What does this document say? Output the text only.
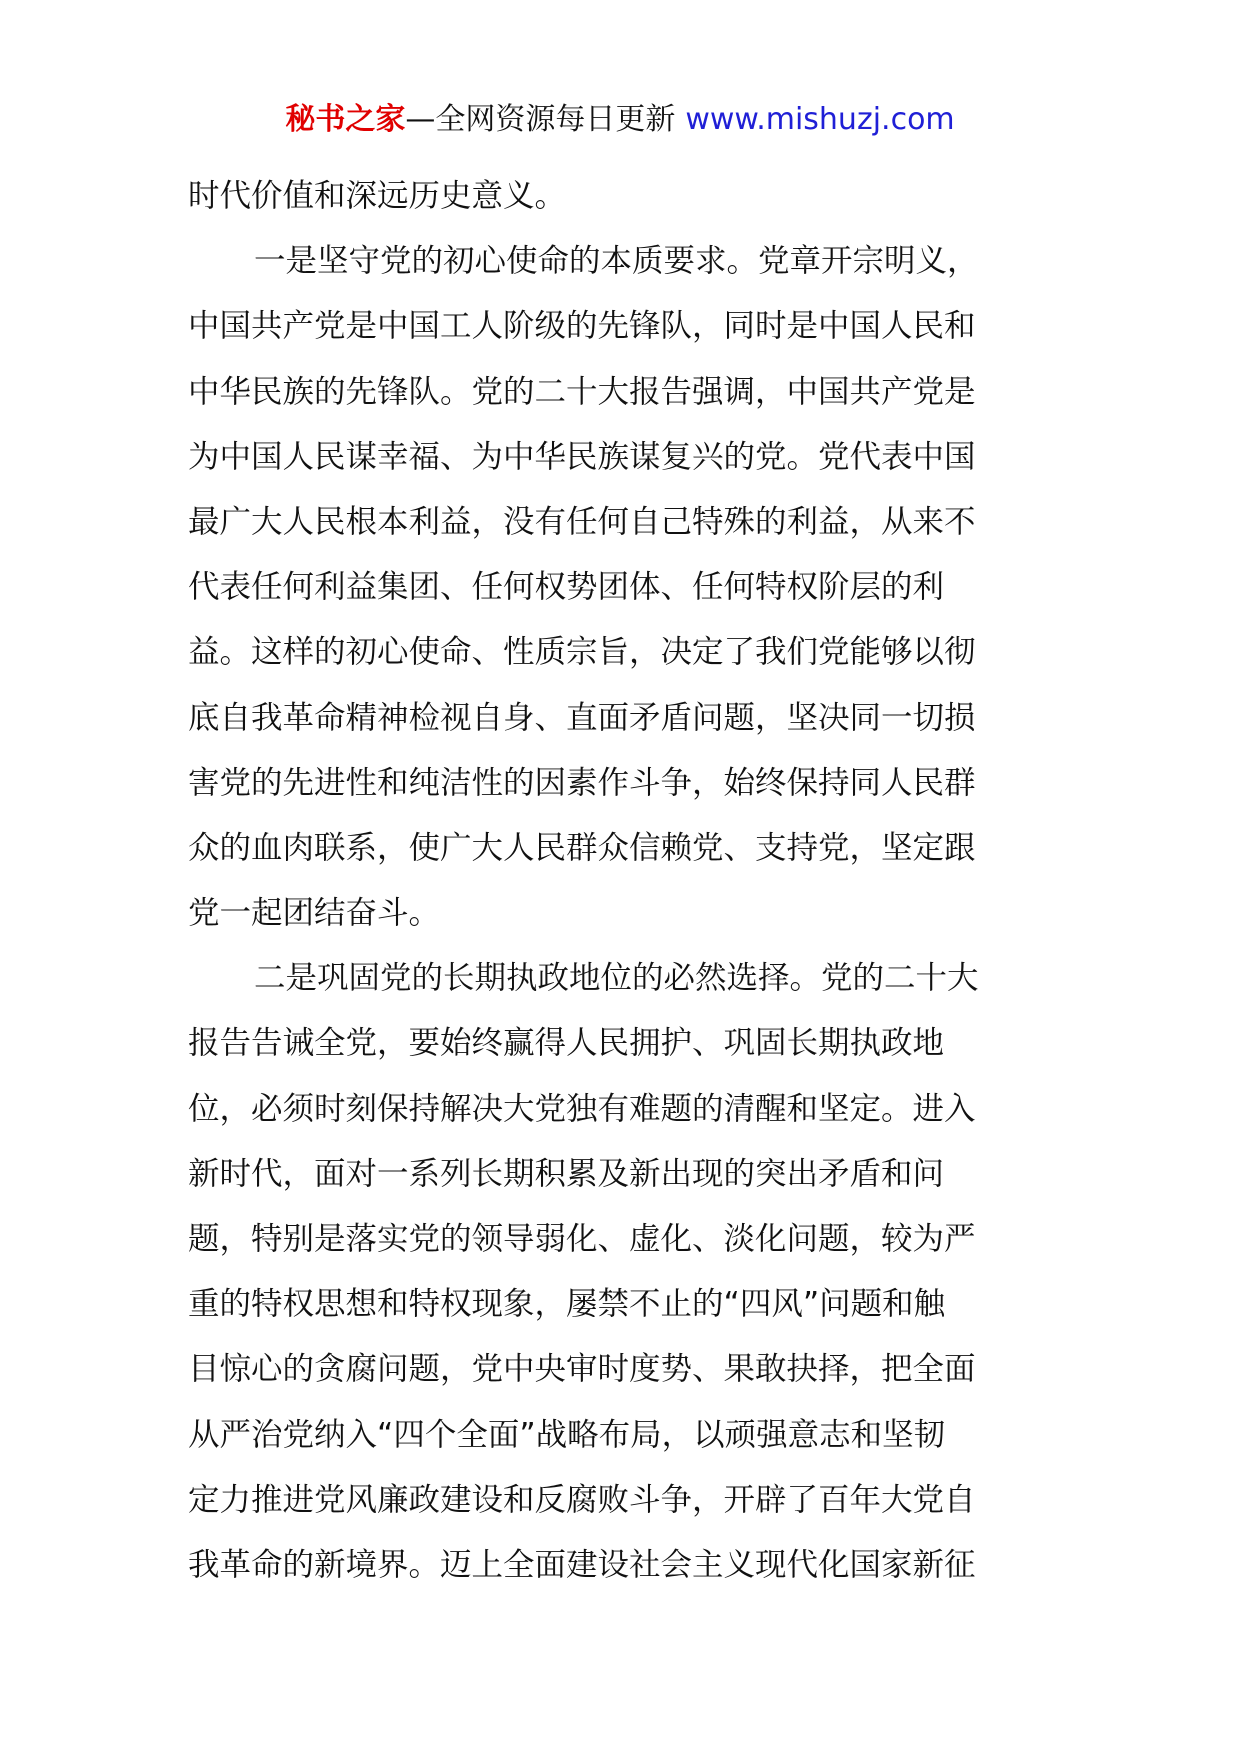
秘书之家—全网资源每日更新 www.mishuzj.com
时代价值和深远历史意义。
一是坚守党的初心使命的本质要求。党章开宗明义，
中国共产党是中国工人阶级的先锋队，同时是中国人民和
中华民族的先锋队。党的二十大报告强调，中国共产党是
为中国人民谋幸福、为中华民族谋复兴的党。党代表中国
最广大人民根本利益，没有任何自己特殊的利益，从来不
代表任何利益集团、任何权势团体、任何特权阶层的利
益。这样的初心使命、性质宗旨，决定了我们党能够以彻
底自我革命精神检视自身、直面矛盾问题，坚决同一切损
害党的先进性和纯洁性的因素作斗争，始终保持同人民群
众的血肉联系，使广大人民群众信赖党、支持党，坚定跟
党一起团结奋斗。
二是巩固党的长期执政地位的必然选择。党的二十大
报告告诫全党，要始终赢得人民拥护、巩固长期执政地
位，必须时刻保持解决大党独有难题的清醒和坚定。进入
新时代，面对一系列长期积累及新出现的突出矛盾和问
题，特别是落实党的领导弱化、虚化、淡化问题，较为严
重的特权思想和特权现象，屡禁不止的“四风”问题和触
目惊心的贪腐问题，党中央审时度势、果敢抉择，把全面
从严治党纳入“四个全面”战略布局，以顽强意志和坚韧
定力推进党风廉政建设和反腐败斗争，开辟了百年大党自
我革命的新境界。迈上全面建设社会主义现代化国家新征
